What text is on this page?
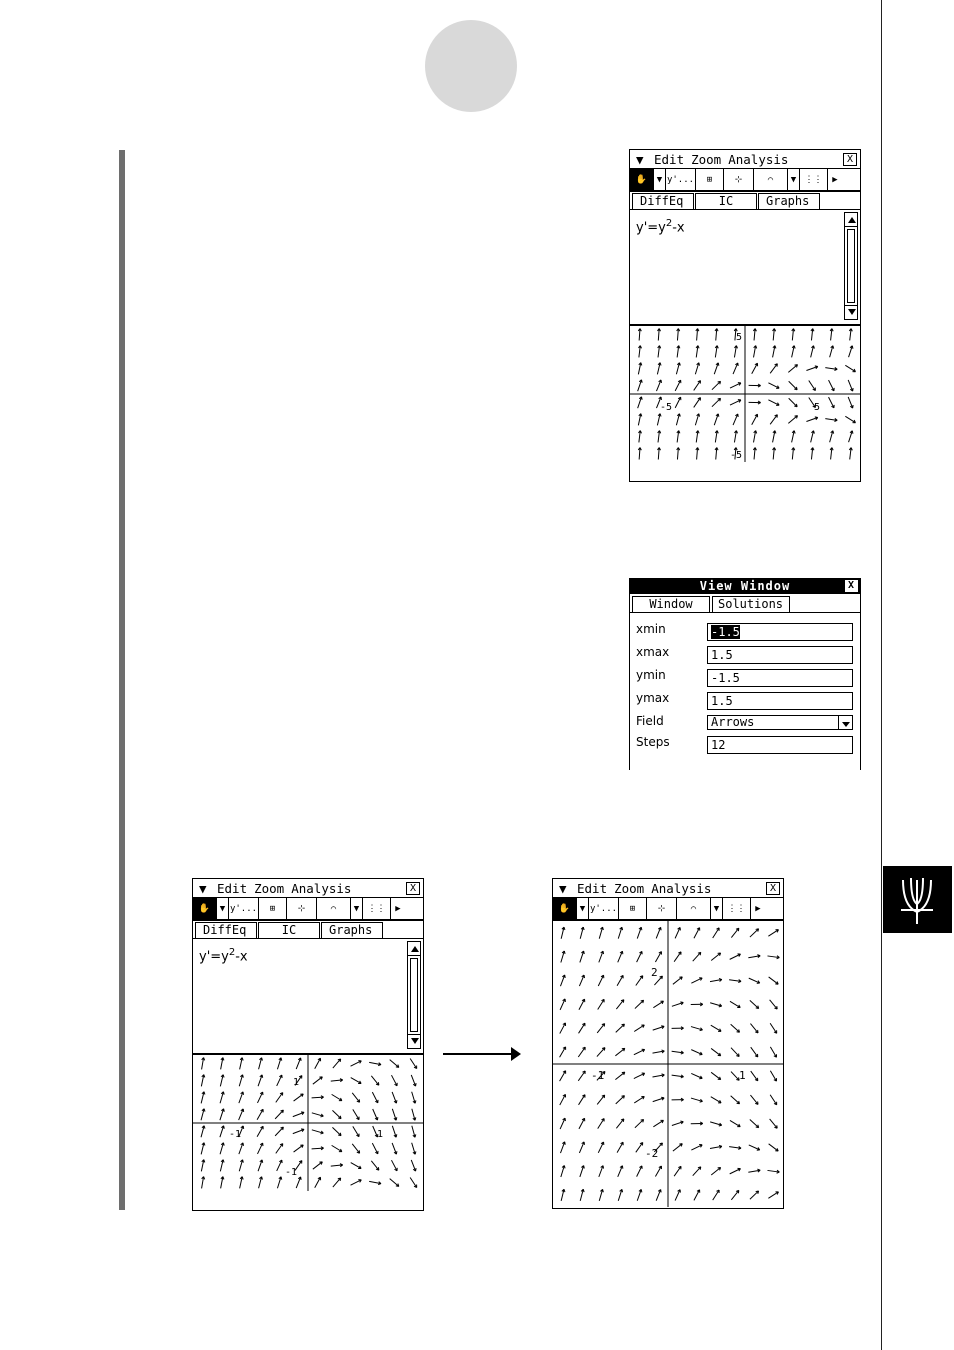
▼ Edit Zoom Analysis	X
✋	▼ y'...	⊞	⊹	⌒	▼ ⋮⋮	▶
DiffEq	IC	Graphs
$y'=y^2-x$
5
-5
-5	5
View Window	X
Window	Solutions
xmin	-1.5
xmax	1.5
ymin	-1.5
ymax	1.5
Field	Arrows
Steps	12
▼ Edit Zoom Analysis	X
✋	▼ y'...	⊞	⊹	⌒	▼ ⋮⋮	▶
DiffEq	IC	Graphs
$y'=y^2-x$
1
-1
-1	1
▼ Edit Zoom Analysis	X
✋	▼ y'...	⊞	⊹	⌒	▼ ⋮⋮	▶
2
-2
-1	1
